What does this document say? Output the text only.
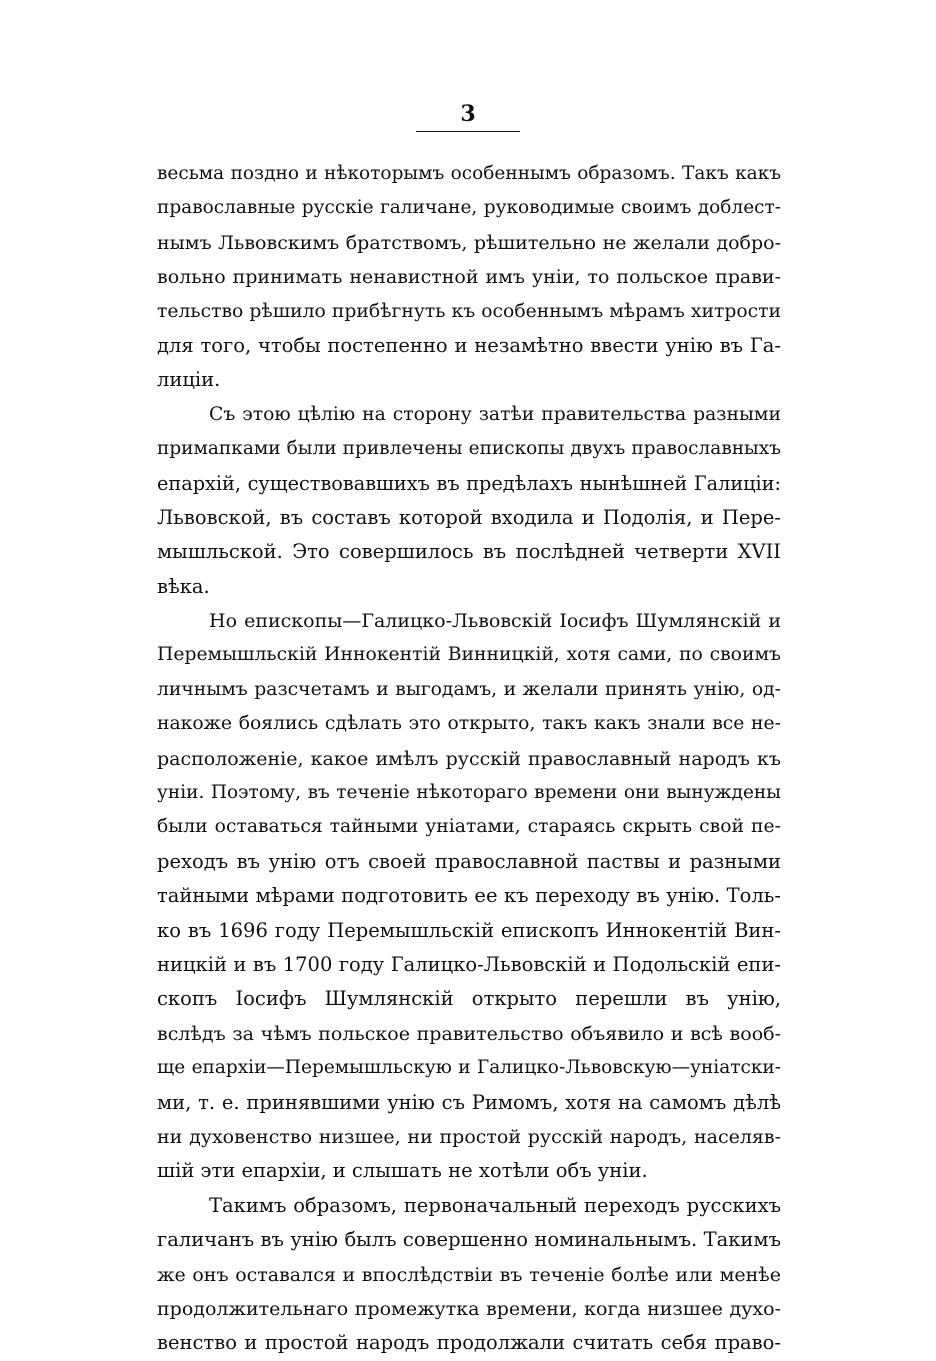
3
весьма поздно и нѣкоторымъ особеннымъ образомъ. Такъ какъ
православные русскіе галичане, руководимые своимъ доблест-
нымъ Львовскимъ братствомъ, рѣшительно не желали добро-
вольно принимать ненавистной имъ уніи, то польское прави-
тельство рѣшило прибѣгнуть къ особеннымъ мѣрамъ хитрости
для того, чтобы постепенно и незамѣтно ввести унію въ Га-
лиціи.
Съ этою цѣлію на сторону затѣи правительства разными
примапками были привлечены епископы двухъ православныхъ
епархій, существовавшихъ въ предѣлахъ нынѣшней Галиціи:
Львовской, въ составъ которой входила и Подолія, и Пере-
мышльской. Это совершилось въ послѣдней четверти XVII
вѣка.
Но епископы—Галицко-Львовскій Іосифъ Шумлянскій и
Перемышльскій Иннокентій Винницкій, хотя сами, по своимъ
личнымъ разсчетамъ и выгодамъ, и желали принять унію, од-
накоже боялись сдѣлать это открыто, такъ какъ знали все не-
расположеніе, какое имѣлъ русскій православный народъ къ
уніи. Поэтому, въ теченіе нѣкотораго времени они вынуждены
были оставаться тайными уніатами, стараясь скрыть свой пе-
реходъ въ унію отъ своей православной паствы и разными
тайными мѣрами подготовить ее къ переходу въ унію. Толь-
ко въ 1696 году Перемышльскій епископъ Иннокентій Вин-
ницкій и въ 1700 году Галицко-Львовскій и Подольскій епи-
скопъ Іосифъ Шумлянскій открыто перешли въ унію,
вслѣдъ за чѣмъ польское правительство объявило и всѣ вооб-
ще епархіи—Перемышльскую и Галицко-Львовскую—уніатски-
ми, т. е. принявшими унію съ Римомъ, хотя на самомъ дѣлѣ
ни духовенство низшее, ни простой русскій народъ, населяв-
шій эти епархіи, и слышать не хотѣли объ уніи.
Такимъ образомъ, первоначальный переходъ русскихъ
галичанъ въ унію былъ совершенно номинальнымъ. Такимъ
же онъ оставался и впослѣдствіи въ теченіе болѣе или менѣе
продолжительнаго промежутка времени, когда низшее духо-
венство и простой народъ продолжали считать себя право-
